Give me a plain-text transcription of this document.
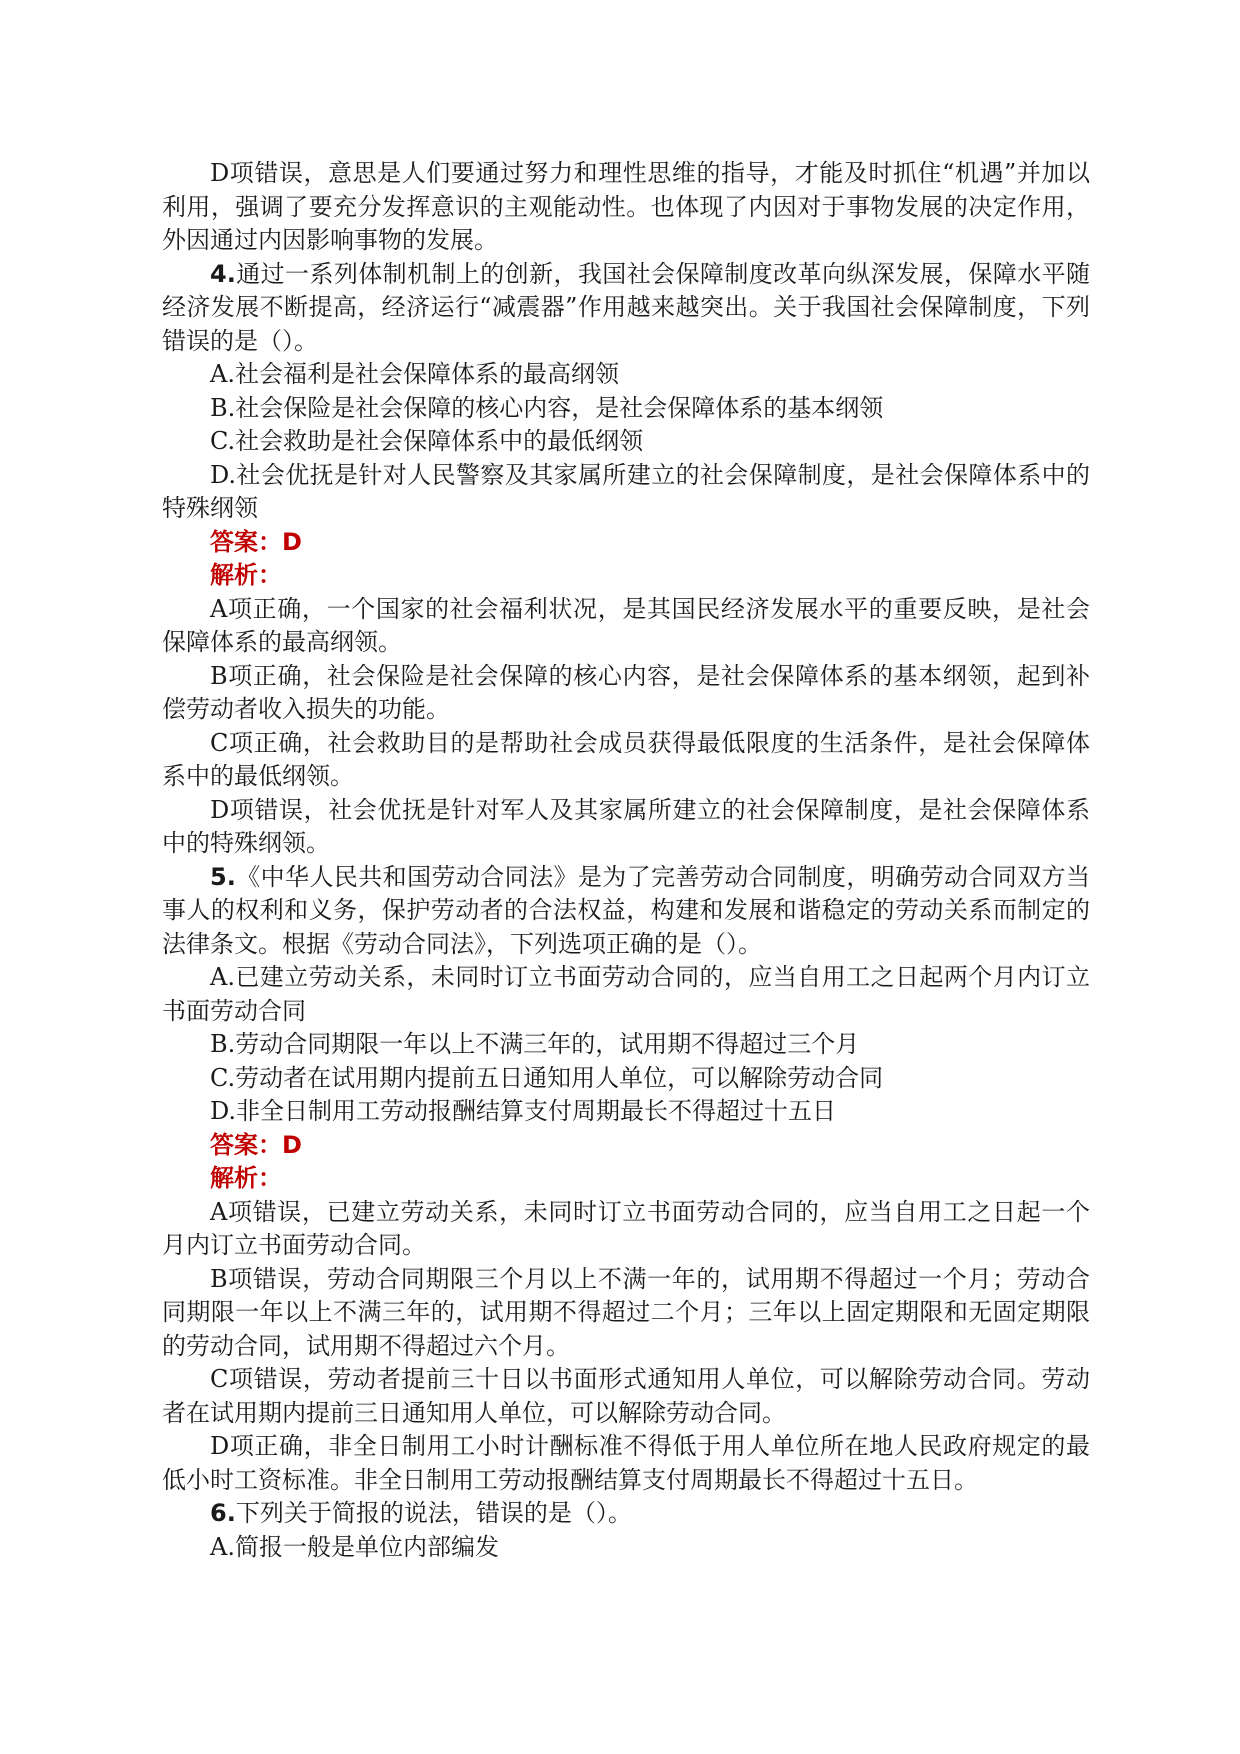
D项错误，意思是人们要通过努力和理性思维的指导，才能及时抓住“机遇”并加以利用，强调了要充分发挥意识的主观能动性。也体现了内因对于事物发展的决定作用，外因通过内因影响事物的发展。

4.通过一系列体制机制上的创新，我国社会保障制度改革向纵深发展，保障水平随经济发展不断提高，经济运行“减震器”作用越来越突出。关于我国社会保障制度，下列错误的是（）。

A.社会福利是社会保障体系的最高纲领

B.社会保险是社会保障的核心内容，是社会保障体系的基本纲领

C.社会救助是社会保障体系中的最低纲领

D.社会优抚是针对人民警察及其家属所建立的社会保障制度，是社会保障体系中的特殊纲领

答案：D

解析：

A项正确，一个国家的社会福利状况，是其国民经济发展水平的重要反映，是社会保障体系的最高纲领。

B项正确，社会保险是社会保障的核心内容，是社会保障体系的基本纲领，起到补偿劳动者收入损失的功能。

C项正确，社会救助目的是帮助社会成员获得最低限度的生活条件，是社会保障体系中的最低纲领。

D项错误，社会优抚是针对军人及其家属所建立的社会保障制度，是社会保障体系中的特殊纲领。

5.《中华人民共和国劳动合同法》是为了完善劳动合同制度，明确劳动合同双方当事人的权利和义务，保护劳动者的合法权益，构建和发展和谐稳定的劳动关系而制定的法律条文。根据《劳动合同法》，下列选项正确的是（）。

A.已建立劳动关系，未同时订立书面劳动合同的，应当自用工之日起两个月内订立书面劳动合同

B.劳动合同期限一年以上不满三年的，试用期不得超过三个月

C.劳动者在试用期内提前五日通知用人单位，可以解除劳动合同

D.非全日制用工劳动报酬结算支付周期最长不得超过十五日

答案：D

解析：

A项错误，已建立劳动关系，未同时订立书面劳动合同的，应当自用工之日起一个月内订立书面劳动合同。

B项错误，劳动合同期限三个月以上不满一年的，试用期不得超过一个月；劳动合同期限一年以上不满三年的，试用期不得超过二个月；三年以上固定期限和无固定期限的劳动合同，试用期不得超过六个月。

C项错误，劳动者提前三十日以书面形式通知用人单位，可以解除劳动合同。劳动者在试用期内提前三日通知用人单位，可以解除劳动合同。

D项正确，非全日制用工小时计酬标准不得低于用人单位所在地人民政府规定的最低小时工资标准。非全日制用工劳动报酬结算支付周期最长不得超过十五日。

6.下列关于简报的说法，错误的是（）。

A.简报一般是单位内部编发
